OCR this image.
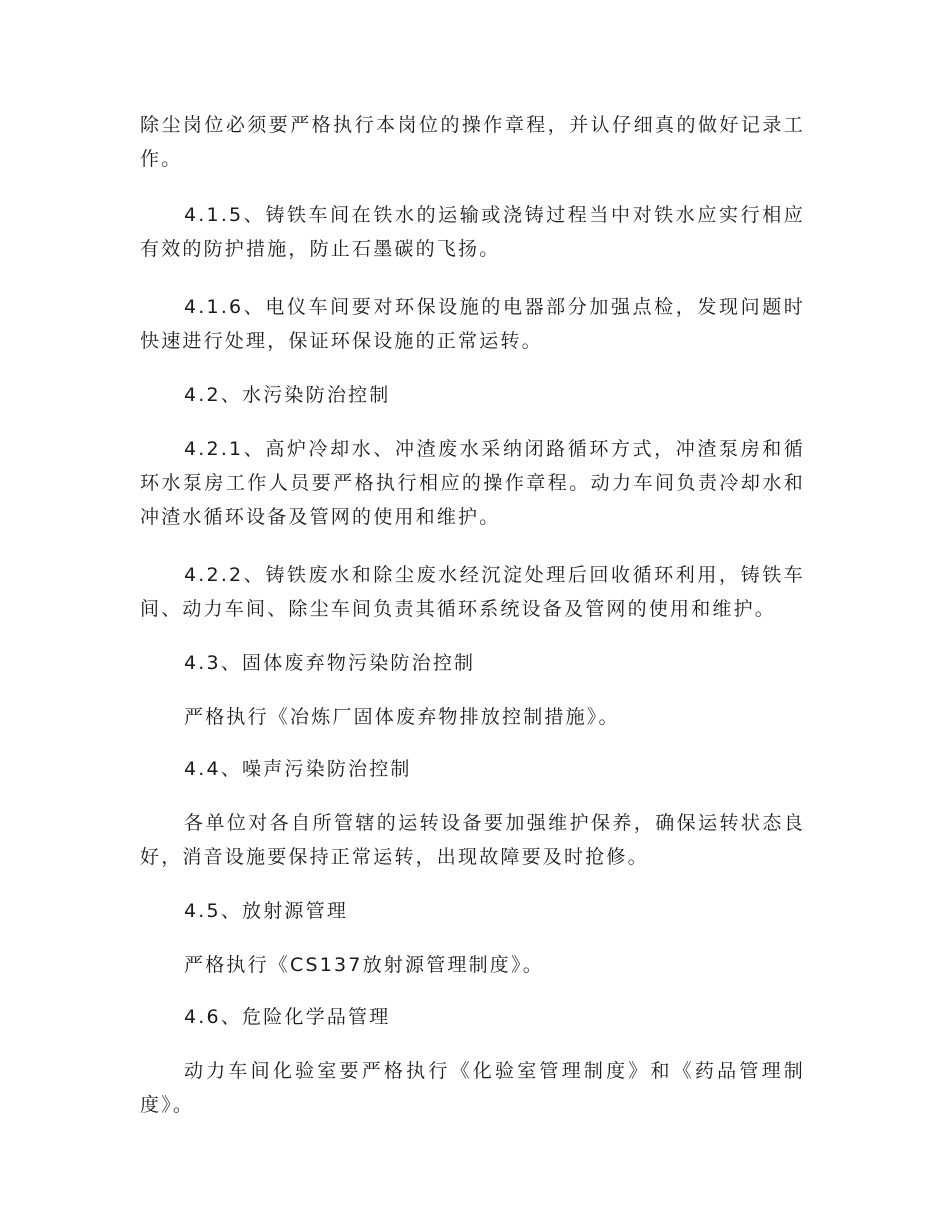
除尘岗位必须要严格执行本岗位的操作章程，并认仔细真的做好记录工作。

4.1.5、铸铁车间在铁水的运输或浇铸过程当中对铁水应实行相应有效的防护措施，防止石墨碳的飞扬。

4.1.6、电仪车间要对环保设施的电器部分加强点检，发现问题时快速进行处理，保证环保设施的正常运转。

4.2、水污染防治控制

4.2.1、高炉冷却水、冲渣废水采纳闭路循环方式，冲渣泵房和循环水泵房工作人员要严格执行相应的操作章程。动力车间负责冷却水和冲渣水循环设备及管网的使用和维护。

4.2.2、铸铁废水和除尘废水经沉淀处理后回收循环利用，铸铁车间、动力车间、除尘车间负责其循环系统设备及管网的使用和维护。

4.3、固体废弃物污染防治控制

严格执行《冶炼厂固体废弃物排放控制措施》。

4.4、噪声污染防治控制

各单位对各自所管辖的运转设备要加强维护保养，确保运转状态良好，消音设施要保持正常运转，出现故障要及时抢修。

4.5、放射源管理

严格执行《CS137放射源管理制度》。

4.6、危险化学品管理

动力车间化验室要严格执行《化验室管理制度》和《药品管理制度》。
